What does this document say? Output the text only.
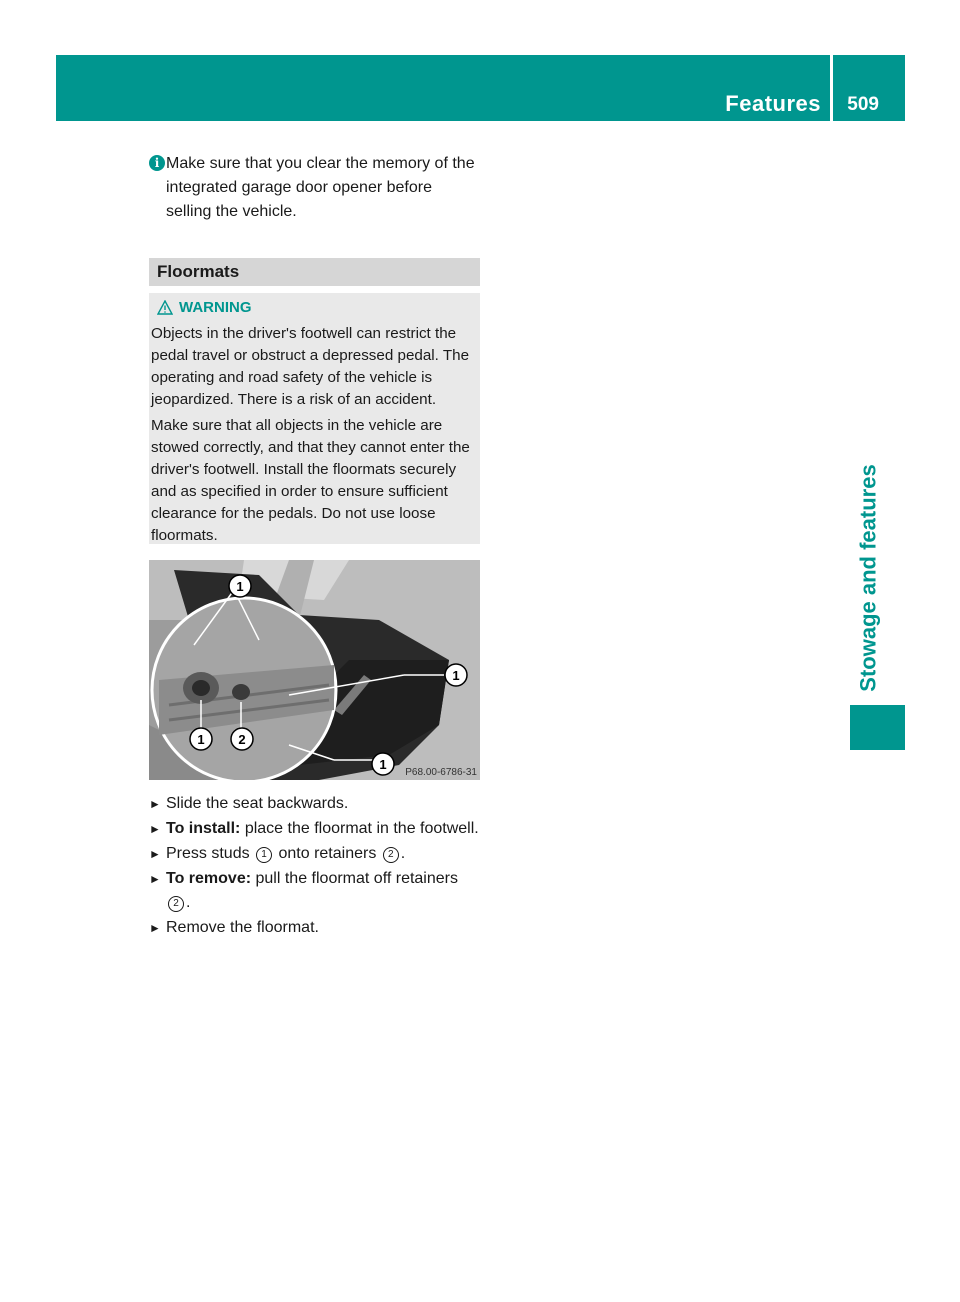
Features 509
Stowage and features
i Make sure that you clear the memory of the integrated garage door opener before selling the vehicle.
Floormats
WARNING

Objects in the driver's footwell can restrict the pedal travel or obstruct a depressed pedal. The operating and road safety of the vehicle is jeopardized. There is a risk of an accident.

Make sure that all objects in the vehicle are stowed correctly, and that they cannot enter the driver's footwell. Install the floormats securely and as specified in order to ensure sufficient clearance for the pedals. Do not use loose floormats.

1
1
1
1	2
P68.00-6786-31
► Slide the seat backwards.
► To install: place the floormat in the footwell.
► Press studs 1 onto retainers 2 .
► To remove: pull the floormat off retainers 2 .
► Remove the floormat.
